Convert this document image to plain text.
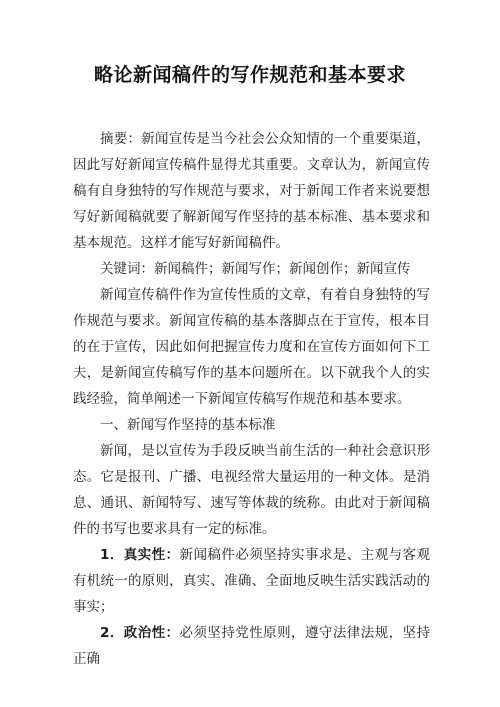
略论新闻稿件的写作规范和基本要求

摘要：新闻宣传是当今社会公众知情的一个重要渠道，因此写好新闻宣传稿件显得尤其重要。文章认为，新闻宣传稿有自身独特的写作规范与要求，对于新闻工作者来说要想写好新闻稿就要了解新闻写作坚持的基本标准、基本要求和基本规范。这样才能写好新闻稿件。

关键词：新闻稿件；新闻写作；新闻创作；新闻宣传

新闻宣传稿件作为宣传性质的文章，有着自身独特的写作规范与要求。新闻宣传稿的基本落脚点在于宣传，根本目的在于宣传，因此如何把握宣传力度和在宣传方面如何下工夫，是新闻宣传稿写作的基本问题所在。以下就我个人的实践经验，简单阐述一下新闻宣传稿写作规范和基本要求。

一、新闻写作坚持的基本标准

新闻，是以宣传为手段反映当前生活的一种社会意识形态。它是报刊、广播、电视经常大量运用的一种文体。是消息、通讯、新闻特写、速写等体裁的统称。由此对于新闻稿件的书写也要求具有一定的标准。

1．真实性：新闻稿件必须坚持实事求是、主观与客观有机统一的原则，真实、准确、全面地反映生活实践活动的事实；

2．政治性：必须坚持党性原则，遵守法律法规，坚持正确
